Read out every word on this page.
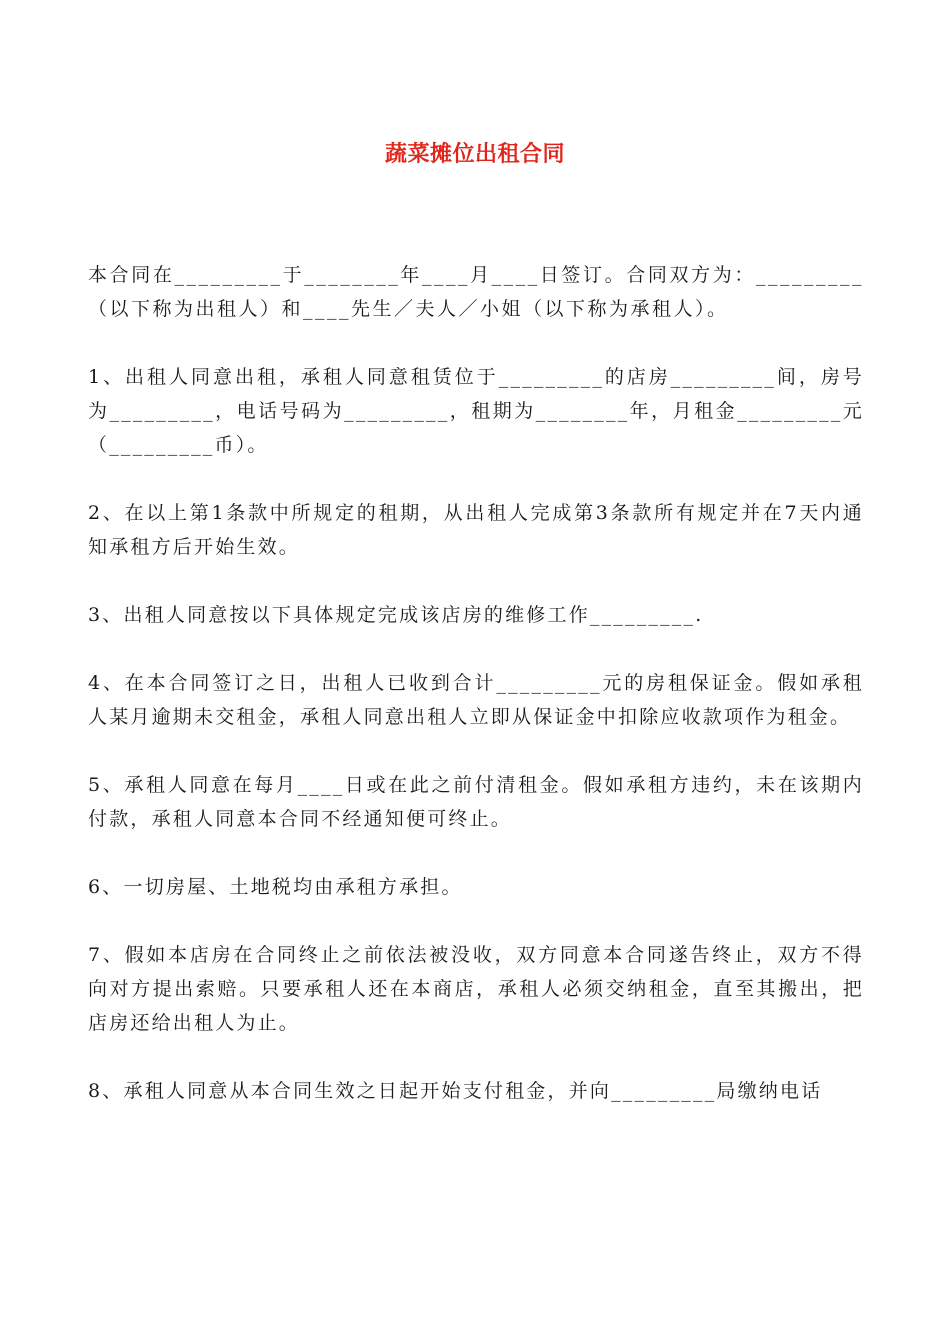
蔬菜摊位出租合同

本合同在_________于________年____月____日签订。合同双方为：_________（以下称为出租人）和____先生／夫人／小姐（以下称为承租人）。

1、出租人同意出租，承租人同意租赁位于_________的店房_________间，房号为_________，电话号码为_________，租期为________年，月租金_________元（_________币）。

2、在以上第1条款中所规定的租期，从出租人完成第3条款所有规定并在7天内通知承租方后开始生效。

3、出租人同意按以下具体规定完成该店房的维修工作_________.

4、在本合同签订之日，出租人已收到合计_________元的房租保证金。假如承租人某月逾期未交租金，承租人同意出租人立即从保证金中扣除应收款项作为租金。

5、承租人同意在每月____日或在此之前付清租金。假如承租方违约，未在该期内付款，承租人同意本合同不经通知便可终止。

6、一切房屋、土地税均由承租方承担。

7、假如本店房在合同终止之前依法被没收，双方同意本合同遂告终止，双方不得向对方提出索赔。只要承租人还在本商店，承租人必须交纳租金，直至其搬出，把店房还给出租人为止。

8、承租人同意从本合同生效之日起开始支付租金，并向_________局缴纳电话
